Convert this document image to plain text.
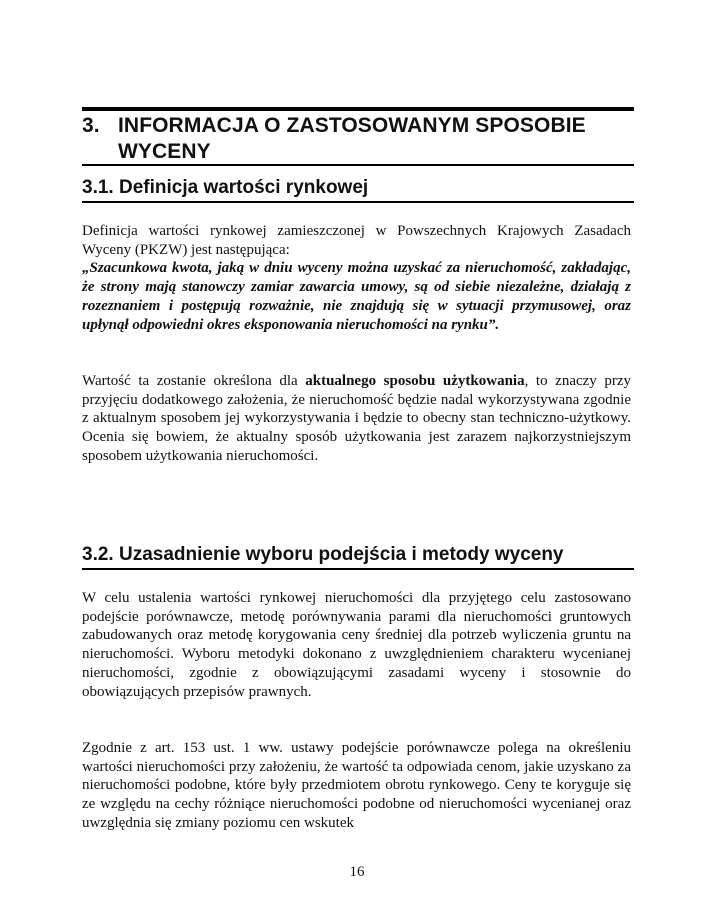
3. INFORMACJA O ZASTOSOWANYM SPOSOBIE WYCENY
3.1. Definicja wartości rynkowej
Definicja wartości rynkowej zamieszczonej w Powszechnych Krajowych Zasadach Wyceny (PKZW) jest następująca:
„Szacunkowa kwota, jaką w dniu wyceny można uzyskać za nieruchomość, zakładając, że strony mają stanowczy zamiar zawarcia umowy, są od siebie niezależne, działają z rozeznaniem i postępują rozważnie, nie znajdują się w sytuacji przymusowej, oraz upłynął odpowiedni okres eksponowania nieruchomości na rynku”.
Wartość ta zostanie określona dla aktualnego sposobu użytkowania, to znaczy przy przyjęciu dodatkowego założenia, że nieruchomość będzie nadal wykorzystywana zgodnie z aktualnym sposobem jej wykorzystywania i będzie to obecny stan techniczno-użytkowy. Ocenia się bowiem, że aktualny sposób użytkowania jest zarazem najkorzystniejszym sposobem użytkowania nieruchomości.
3.2. Uzasadnienie wyboru podejścia i metody wyceny
W celu ustalenia wartości rynkowej nieruchomości dla przyjętego celu zastosowano podejście porównawcze, metodę porównywania parami dla nieruchomości gruntowych zabudowanych oraz metodę korygowania ceny średniej dla potrzeb wyliczenia gruntu na nieruchomości. Wyboru metodyki dokonano z uwzględnieniem charakteru wycenianej nieruchomości, zgodnie z obowiązującymi zasadami wyceny i stosownie do obowiązujących przepisów prawnych.
Zgodnie z art. 153 ust. 1 ww. ustawy podejście porównawcze polega na określeniu wartości nieruchomości przy założeniu, że wartość ta odpowiada cenom, jakie uzyskano za nieruchomości podobne, które były przedmiotem obrotu rynkowego. Ceny te koryguje się ze względu na cechy różniące nieruchomości podobne od nieruchomości wycenianej oraz uwzględnia się zmiany poziomu cen wskutek
16
